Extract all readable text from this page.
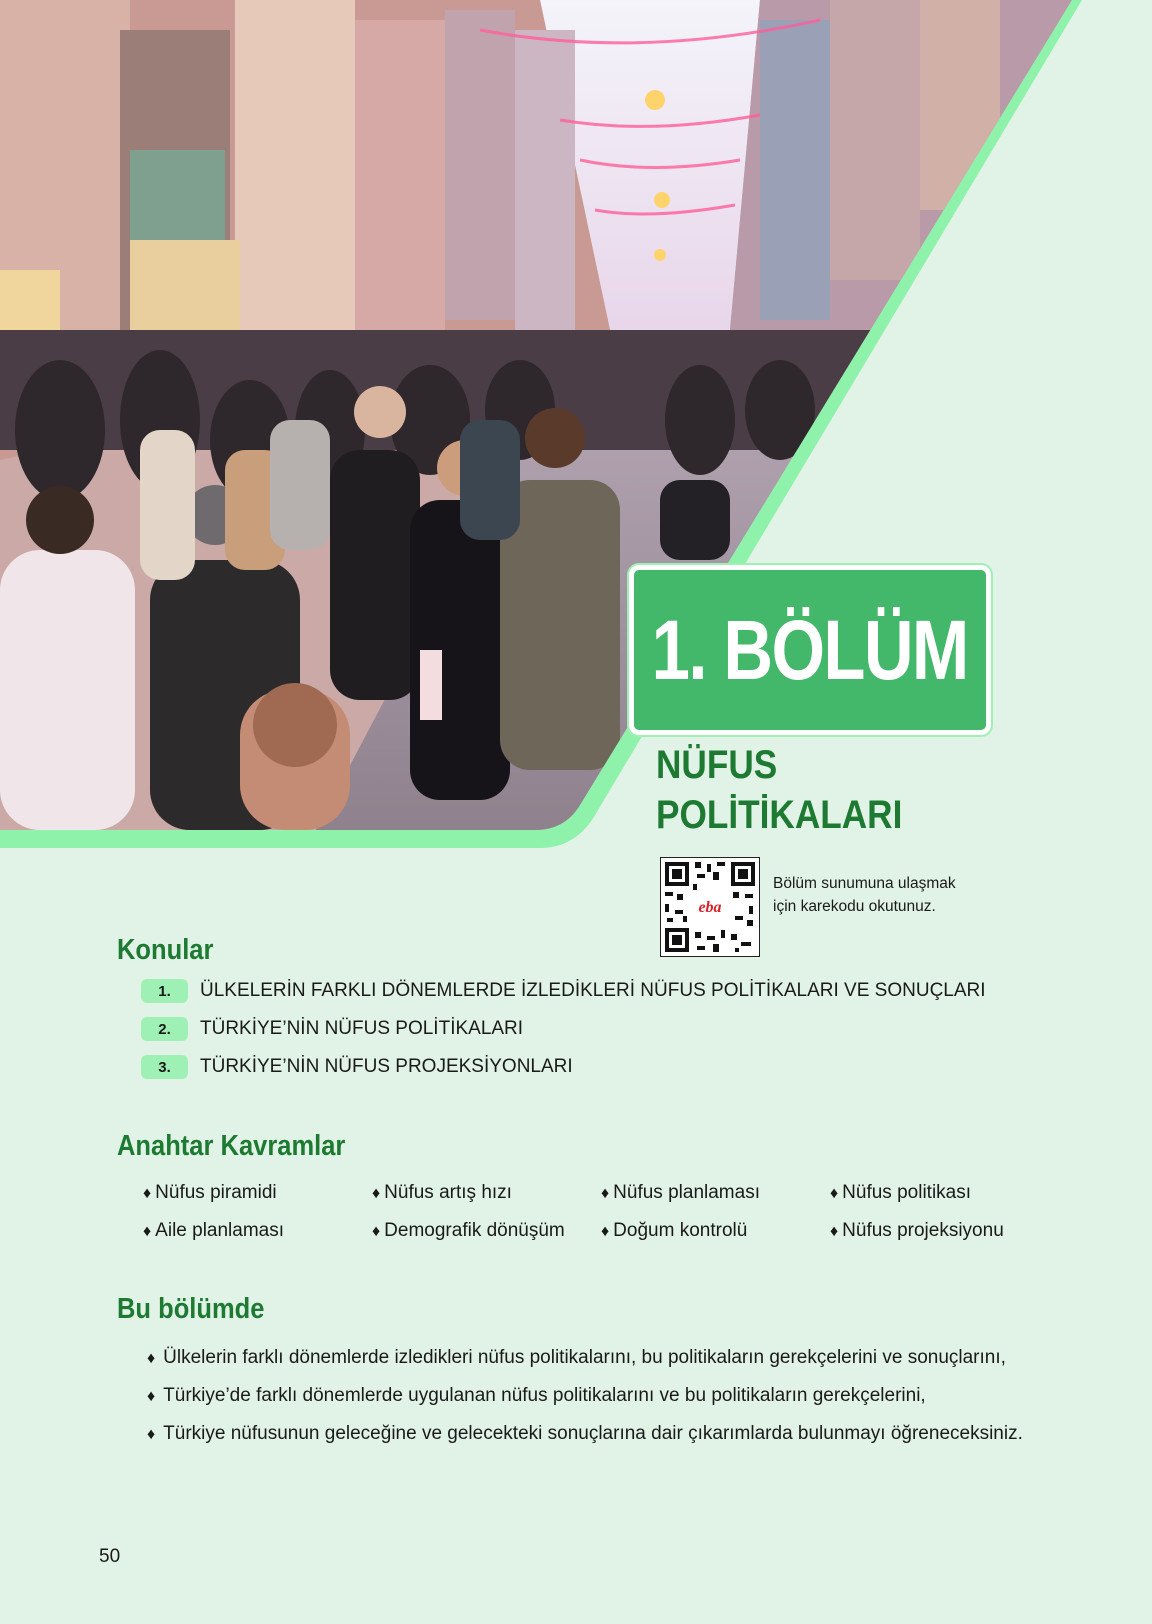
1. BÖLÜM
NÜFUS
POLİTİKALARI
eba
Bölüm sunumuna ulaşmak için karekodu okutunuz.
Konular
1.	ÜLKELERİN FARKLI DÖNEMLERDE İZLEDİKLERİ NÜFUS POLİTİKALARI VE SONUÇLARI
2.	TÜRKİYE’NİN NÜFUS POLİTİKALARI
3.	TÜRKİYE’NİN NÜFUS PROJEKSİYONLARI
Anahtar Kavramlar
♦ Nüfus piramidi	♦ Nüfus artış hızı	♦ Nüfus planlaması	♦ Nüfus politikası
♦ Aile planlaması	♦ Demografik dönüşüm ♦ Doğum kontrolü	♦ Nüfus projeksiyonu
Bu bölümde
♦ Ülkelerin farklı dönemlerde izledikleri nüfus politikalarını, bu politikaların gerekçelerini ve sonuçlarını,
♦ Türkiye’de farklı dönemlerde uygulanan nüfus politikalarını ve bu politikaların gerekçelerini,
♦ Türkiye nüfusunun geleceğine ve gelecekteki sonuçlarına dair çıkarımlarda bulunmayı öğreneceksiniz.
50
